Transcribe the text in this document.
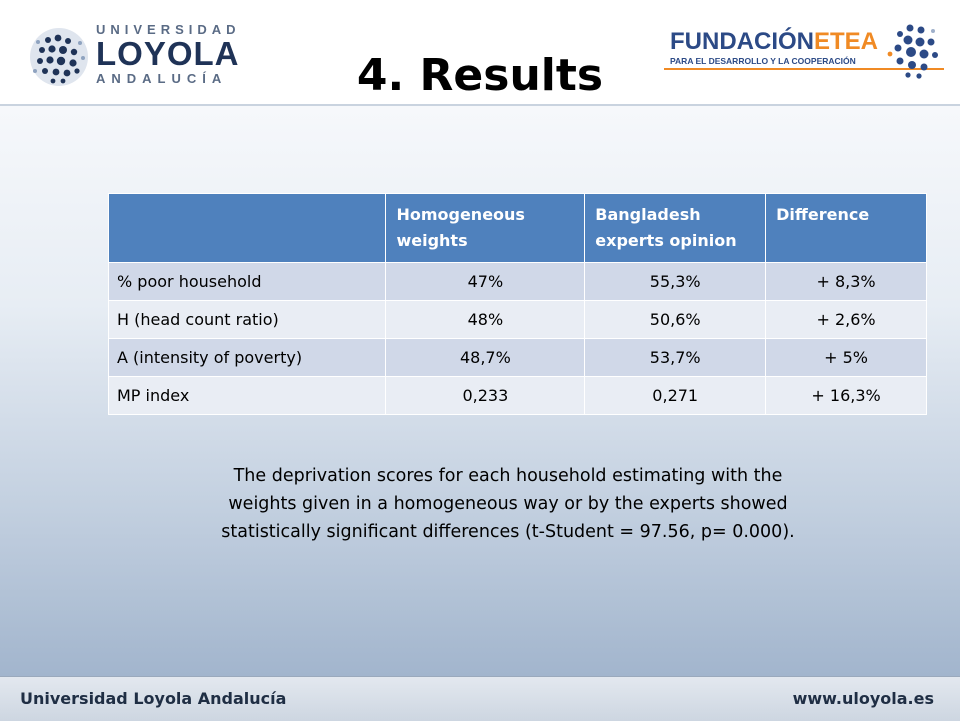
UNIVERSIDAD
LOYOLA
ANDALUCÍA
FUNDACIÓNETEA
PARA EL DESARROLLO Y LA COOPERACIÓN
4. Results
	Homogeneous weights	Bangladesh experts opinion	Difference
% poor household	47%	55,3%	+ 8,3%
H (head count ratio)	48%	50,6%	+ 2,6%
A (intensity of poverty)	48,7%	53,7%	+ 5%
MP index	0,233	0,271	+ 16,3%
The deprivation scores for each household estimating with the weights given in a homogeneous way or by the experts showed statistically significant differences (t-Student = 97.56, p= 0.000).
Universidad Loyola Andalucía	www.uloyola.es
